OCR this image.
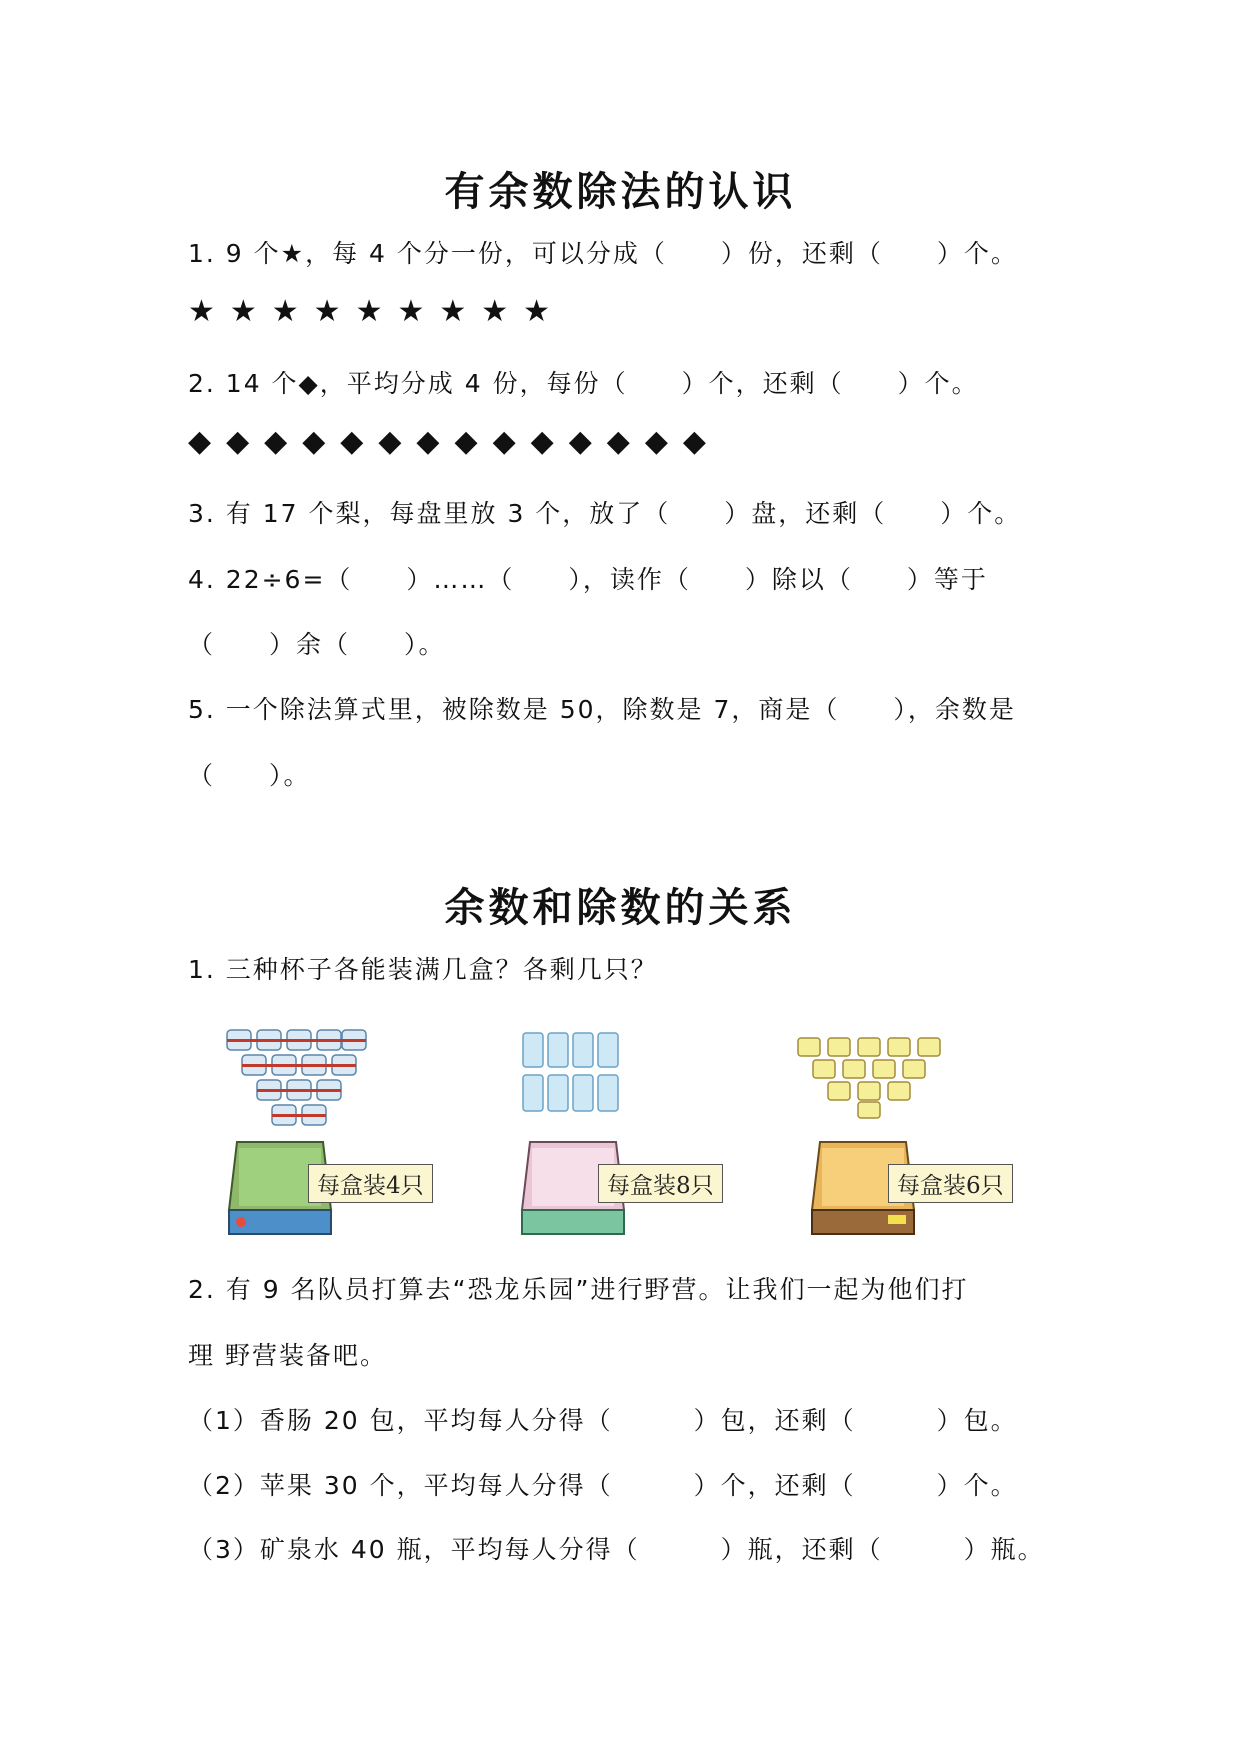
有余数除法的认识
1. 9 个★，每 4 个分一份，可以分成（　　）份，还剩（　　）个。
★★★★★★★★★
2. 14 个◆，平均分成 4 份，每份（　　）个，还剩（　　）个。
◆◆◆◆◆◆◆◆◆◆◆◆◆◆
3. 有 17 个梨，每盘里放 3 个，放了（　　）盘，还剩（　　）个。
4. 22÷6=（　　）……（　　），读作（　　）除以（　　）等于
（　　）余（　　）。
5. 一个除法算式里，被除数是 50，除数是 7，商是（　　），余数是
（　　）。
余数和除数的关系
1. 三种杯子各能装满几盒？各剩几只？
每盒装4只	每盒装8只	每盒装6只
2. 有 9 名队员打算去“恐龙乐园”进行野营。让我们一起为他们打
理 野营装备吧。
（1）香肠 20 包，平均每人分得（　　　）包，还剩（　　　）包。
（2）苹果 30 个，平均每人分得（　　　）个，还剩（　　　）个。
（3）矿泉水 40 瓶，平均每人分得（　　　）瓶，还剩（　　　）瓶。
